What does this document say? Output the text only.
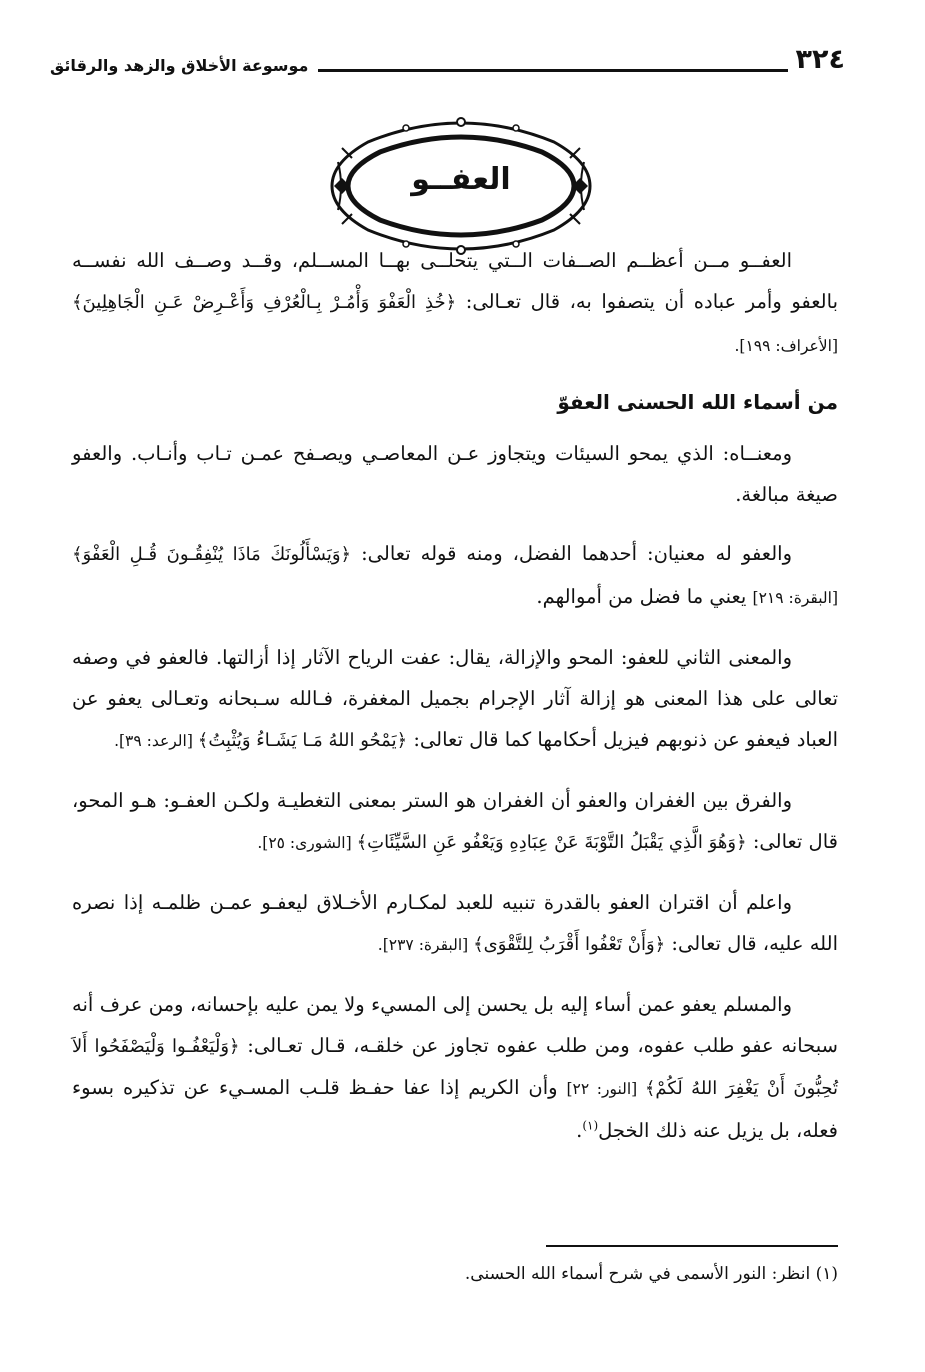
٣٢٤
موسوعة الأخلاق والزهد والرقائق
العفــو

العفــو مــن أعظــم الصــفات الــتي يتحلــى بهــا المســلم، وقــد وصــف الله نفســه بالعفو وأمر عباده أن يتصفوا به، قال تعـالى: ﴿خُذِ الْعَفْوَ وَأْمُـرْ بِـالْعُرْفِ وَأَعْـرِضْ عَـنِ الْجَاهِلِينَ﴾ [الأعراف: ١٩٩].

من أسماء الله الحسنى العفوّ

ومعنــاه: الذي يمحو السيئات ويتجاوز عـن المعاصـي ويصـفح عمـن تـاب وأنـاب. والعفو صيغة مبالغة.

والعفو له معنيان: أحدهما الفضل، ومنه قوله تعالى: ﴿وَيَسْأَلُونَكَ مَاذَا يُنْفِقُـونَ قُـلِ الْعَفْوَ﴾ [البقرة: ٢١٩] يعني ما فضل من أموالهم.

والمعنى الثاني للعفو: المحو والإزالة، يقال: عفت الرياح الآثار إذا أزالتها. فالعفو في وصفه تعالى على هذا المعنى هو إزالة آثار الإجرام بجميل المغفرة، فـالله سـبحانه وتعـالى يعفو عن العباد فيعفو عن ذنوبهم فيزيل أحكامها كما قال تعالى: ﴿يَمْحُو اللهُ مَـا يَشَـاءُ وَيُثْبِتُ﴾ [الرعد: ٣٩].

والفرق بين الغفران والعفو أن الغفران هو الستر بمعنى التغطيـة ولكـن العفـو: هـو المحو، قال تعالى: ﴿وَهُوَ الَّذِي يَقْبَلُ التَّوْبَةَ عَنْ عِبَادِهِ وَيَعْفُو عَنِ السَّيِّئَاتِ﴾ [الشورى: ٢٥].

واعلم أن اقتران العفو بالقدرة تنبيه للعبد لمكـارم الأخـلاق ليعفـو عمـن ظلمـه إذا نصره الله عليه، قال تعالى: ﴿وَأَنْ تَعْفُوا أَقْرَبُ لِلتَّقْوَى﴾ [البقرة: ٢٣٧].

والمسلم يعفو عمن أساء إليه بل يحسن إلى المسيء ولا يمن عليه بإحسانه، ومن عرف أنه سبحانه عفو طلب عفوه، ومن طلب عفوه تجاوز عن خلقـه، قـال تعـالى: ﴿وَلْيَعْفُـوا وَلْيَصْفَحُوا أَلاَ تُحِبُّونَ أَنْ يَغْفِرَ اللهُ لَكُمْ﴾ [النور: ٢٢] وأن الكريم إذا عفا حفـظ قلـب المسـيء عن تذكيره بسوء فعله، بل يزيل عنه ذلك الخجل$^{(١)}$.

(١) انظر: النور الأسمى في شرح أسماء الله الحسنى.
